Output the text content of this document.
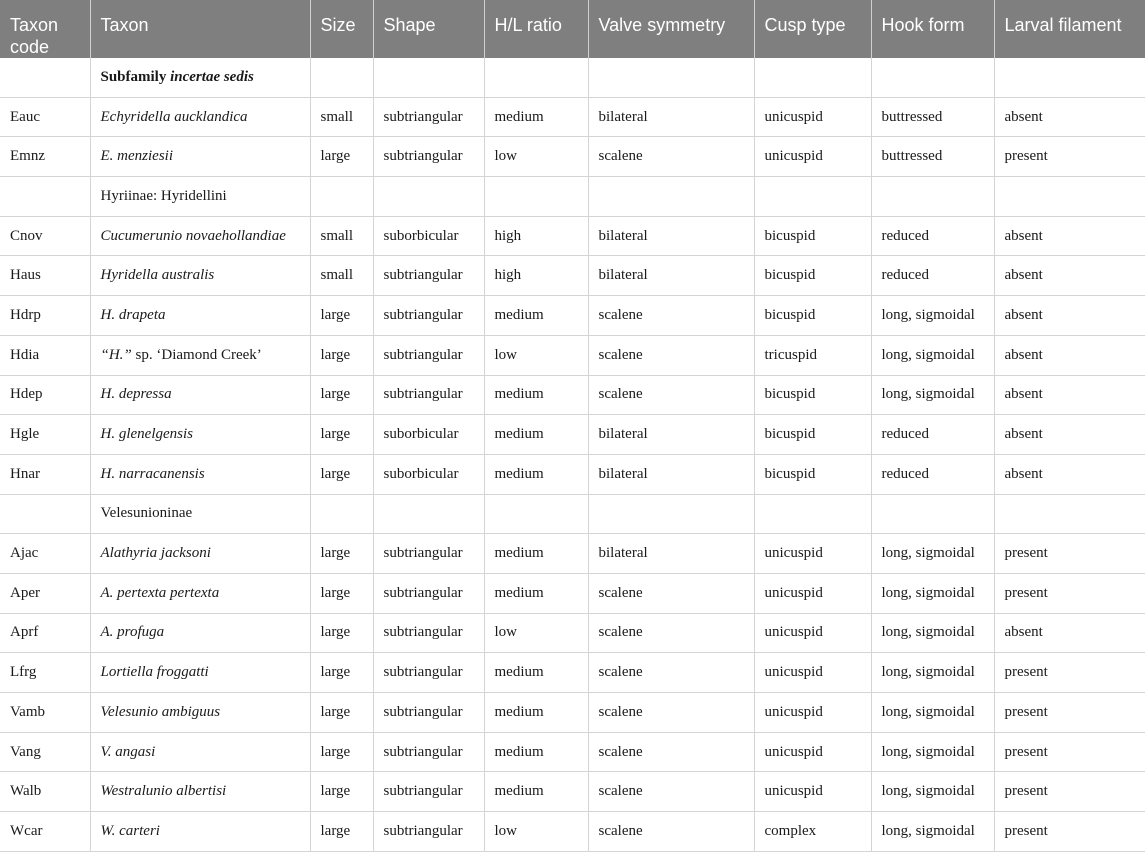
Taxon code	Taxon	Size	Shape	H/L ratio	Valve symmetry	Cusp type	Hook form	Larval filament
	Subfamily incertae sedis							
Eauc	Echyridella aucklandica	small	subtriangular	medium	bilateral	unicuspid	buttressed	absent
Emnz	E. menziesii	large	subtriangular	low	scalene	unicuspid	buttressed	present
	Hyriinae: Hyridellini							
Cnov	Cucumerunio novaehollandiae	small	suborbicular	high	bilateral	bicuspid	reduced	absent
Haus	Hyridella australis	small	subtriangular	high	bilateral	bicuspid	reduced	absent
Hdrp	H. drapeta	large	subtriangular	medium	scalene	bicuspid	long, sigmoidal	absent
Hdia	“H.” sp. ‘Diamond Creek’	large	subtriangular	low	scalene	tricuspid	long, sigmoidal	absent
Hdep	H. depressa	large	subtriangular	medium	scalene	bicuspid	long, sigmoidal	absent
Hgle	H. glenelgensis	large	suborbicular	medium	bilateral	bicuspid	reduced	absent
Hnar	H. narracanensis	large	suborbicular	medium	bilateral	bicuspid	reduced	absent
	Velesunioninae							
Ajac	Alathyria jacksoni	large	subtriangular	medium	bilateral	unicuspid	long, sigmoidal	present
Aper	A. pertexta pertexta	large	subtriangular	medium	scalene	unicuspid	long, sigmoidal	present
Aprf	A. profuga	large	subtriangular	low	scalene	unicuspid	long, sigmoidal	absent
Lfrg	Lortiella froggatti	large	subtriangular	medium	scalene	unicuspid	long, sigmoidal	present
Vamb	Velesunio ambiguus	large	subtriangular	medium	scalene	unicuspid	long, sigmoidal	present
Vang	V. angasi	large	subtriangular	medium	scalene	unicuspid	long, sigmoidal	present
Walb	Westralunio albertisi	large	subtriangular	medium	scalene	unicuspid	long, sigmoidal	present
Wcar	W. carteri	large	subtriangular	low	scalene	complex	long, sigmoidal	present
